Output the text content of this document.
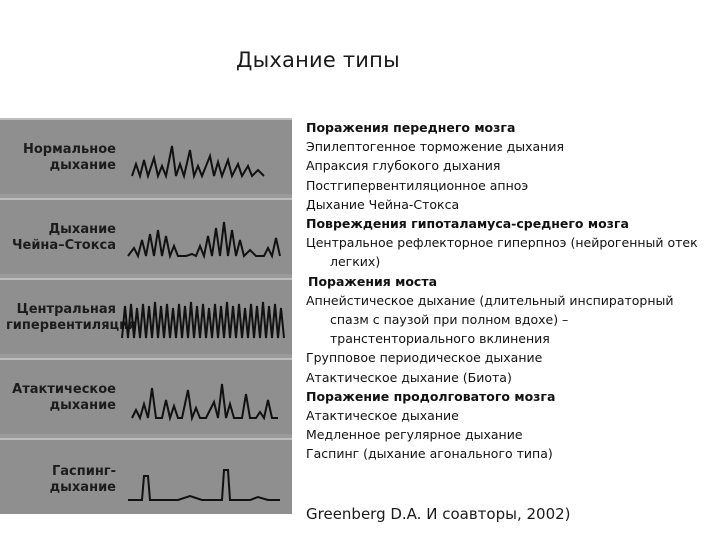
Дыхание типы
Нормальное
дыхание
Дыхание
Чейна–Стокса
Центральная
гипервентиляция
Атактическое
дыхание
Гаспинг-
дыхание
Поражения переднего мозга
Эпилептогенное торможение дыхания
Апраксия глубокого дыхания
Постгипервентиляционное апноэ
Дыхание Чейна-Стокса
Повреждения гипоталамуса-среднего мозга
Центральное рефлекторное гиперпноэ (нейрогенный отек
легких)
Поражения моста
Апнейстическое дыхание (длительный инспираторный
спазм с паузой при полном вдохе) –
транстенториального вклинения
Групповое периодическое дыхание
Атактическое дыхание (Биота)
Поражение продолговатого мозга
Атактическое дыхание
Медленное регулярное дыхание
Гаспинг (дыхание агонального типа)
Greenberg D.A. И соавторы, 2002)
